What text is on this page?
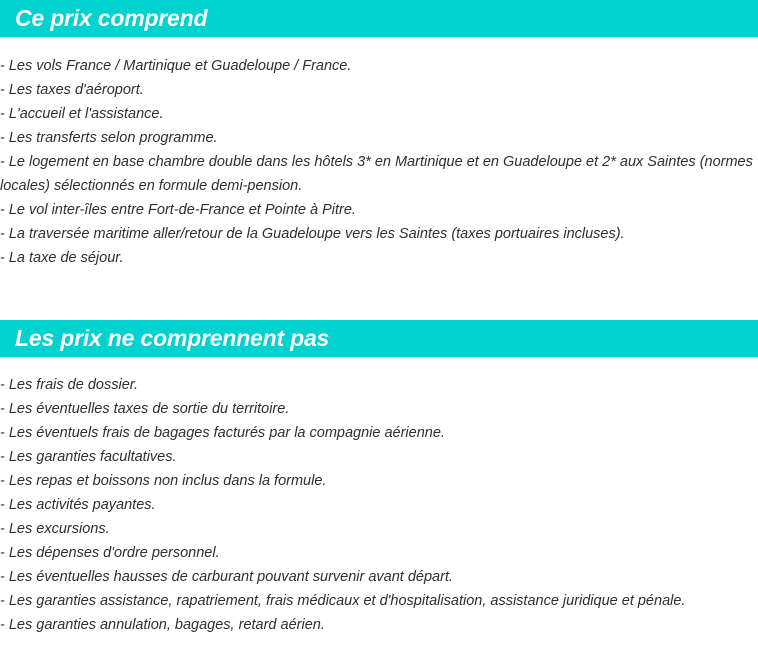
Ce prix comprend
- Les vols France / Martinique et Guadeloupe / France.
- Les taxes d'aéroport.
- L'accueil et l'assistance.
- Les transferts selon programme.
- Le logement en base chambre double dans les hôtels 3* en Martinique et en Guadeloupe et 2* aux Saintes (normes
locales) sélectionnés en formule demi-pension.
- Le vol inter-îles entre Fort-de-France et Pointe à Pitre.
- La traversée maritime aller/retour de la Guadeloupe vers les Saintes (taxes portuaires incluses).
- La taxe de séjour.
Les prix ne comprennent pas
- Les frais de dossier.
- Les éventuelles taxes de sortie du territoire.
- Les éventuels frais de bagages facturés par la compagnie aérienne.
- Les garanties facultatives.
- Les repas et boissons non inclus dans la formule.
- Les activités payantes.
- Les excursions.
- Les dépenses d'ordre personnel.
- Les éventuelles hausses de carburant pouvant survenir avant départ.
- Les garanties assistance, rapatriement, frais médicaux et d'hospitalisation, assistance juridique et pénale.
- Les garanties annulation, bagages, retard aérien.
